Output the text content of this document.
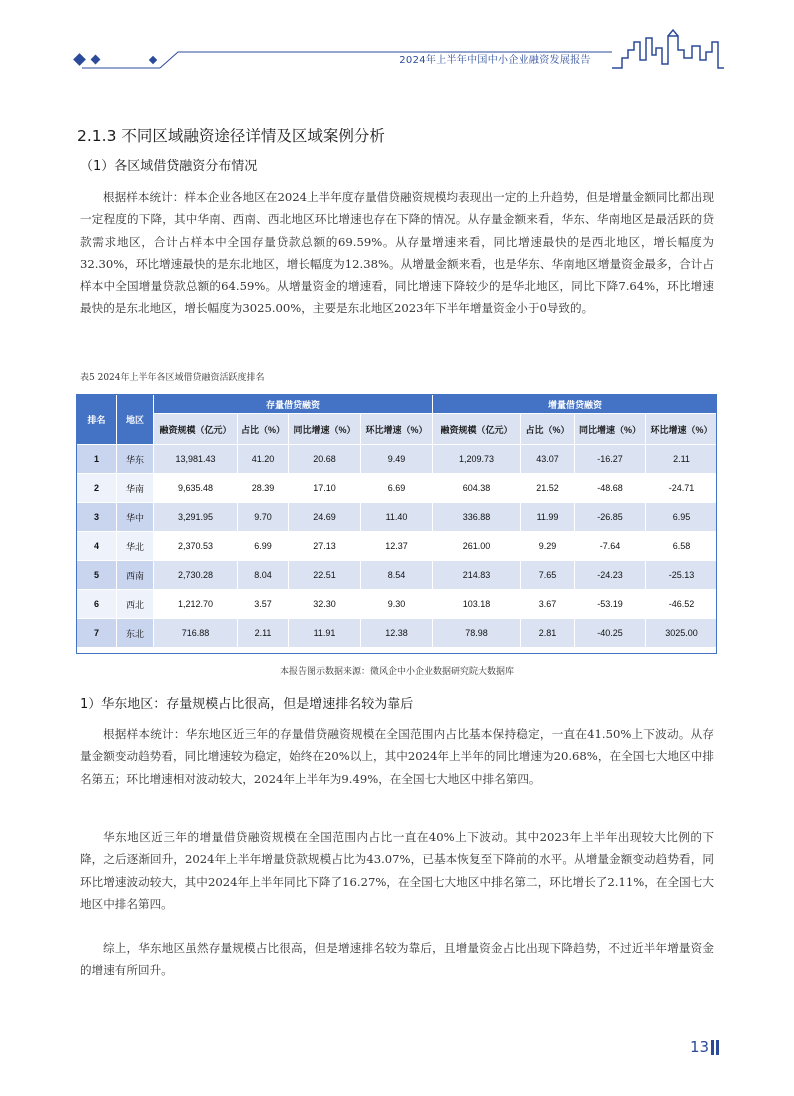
2024年上半年中国中小企业融资发展报告
2.1.3 不同区域融资途径详情及区域案例分析
（1）各区域借贷融资分布情况

根据样本统计：样本企业各地区在2024上半年度存量借贷融资规模均表现出一定的上升趋势，但是增量金额同比都出现一定程度的下降，其中华南、西南、西北地区环比增速也存在下降的情况。从存量金额来看，华东、华南地区是最活跃的贷款需求地区，合计占样本中全国存量贷款总额的69.59%。从存量增速来看，同比增速最快的是西北地区，增长幅度为32.30%，环比增速最快的是东北地区，增长幅度为12.38%。从增量金额来看，也是华东、华南地区增量资金最多，合计占样本中全国增量贷款总额的64.59%。从增量资金的增速看，同比增速下降较少的是华北地区，同比下降7.64%，环比增速最快的是东北地区，增长幅度为3025.00%，主要是东北地区2023年下半年增量资金小于0导致的。

表5 2024年上半年各区域借贷融资活跃度排名
排名	地区	存量借贷融资				增量借贷融资			
		融资规模（亿元）	占比（%）	同比增速（%）	环比增速（%）	融资规模（亿元）	占比（%）	同比增速（%）	环比增速（%）
1	华东	13,981.43	41.20	20.68	9.49	1,209.73	43.07	-16.27	2.11
2	华南	9,635.48	28.39	17.10	6.69	604.38	21.52	-48.68	-24.71
3	华中	3,291.95	9.70	24.69	11.40	336.88	11.99	-26.85	6.95
4	华北	2,370.53	6.99	27.13	12.37	261.00	9.29	-7.64	6.58
5	西南	2,730.28	8.04	22.51	8.54	214.83	7.65	-24.23	-25.13
6	西北	1,212.70	3.57	32.30	9.30	103.18	3.67	-53.19	-46.52
7	东北	716.88	2.11	11.91	12.38	78.98	2.81	-40.25	3025.00
本报告图示数据来源：微风企中小企业数据研究院大数据库
1）华东地区：存量规模占比很高，但是增速排名较为靠后

根据样本统计：华东地区近三年的存量借贷融资规模在全国范围内占比基本保持稳定，一直在41.50%上下波动。从存量金额变动趋势看，同比增速较为稳定，始终在20%以上，其中2024年上半年的同比增速为20.68%，在全国七大地区中排名第五；环比增速相对波动较大，2024年上半年为9.49%，在全国七大地区中排名第四。

华东地区近三年的增量借贷融资规模在全国范围内占比一直在40%上下波动。其中2023年上半年出现较大比例的下降，之后逐渐回升，2024年上半年增量贷款规模占比为43.07%，已基本恢复至下降前的水平。从增量金额变动趋势看，同环比增速波动较大，其中2024年上半年同比下降了16.27%，在全国七大地区中排名第二，环比增长了2.11%，在全国七大地区中排名第四。

综上，华东地区虽然存量规模占比很高，但是增速排名较为靠后，且增量资金占比出现下降趋势，不过近半年增量资金的增速有所回升。

13
